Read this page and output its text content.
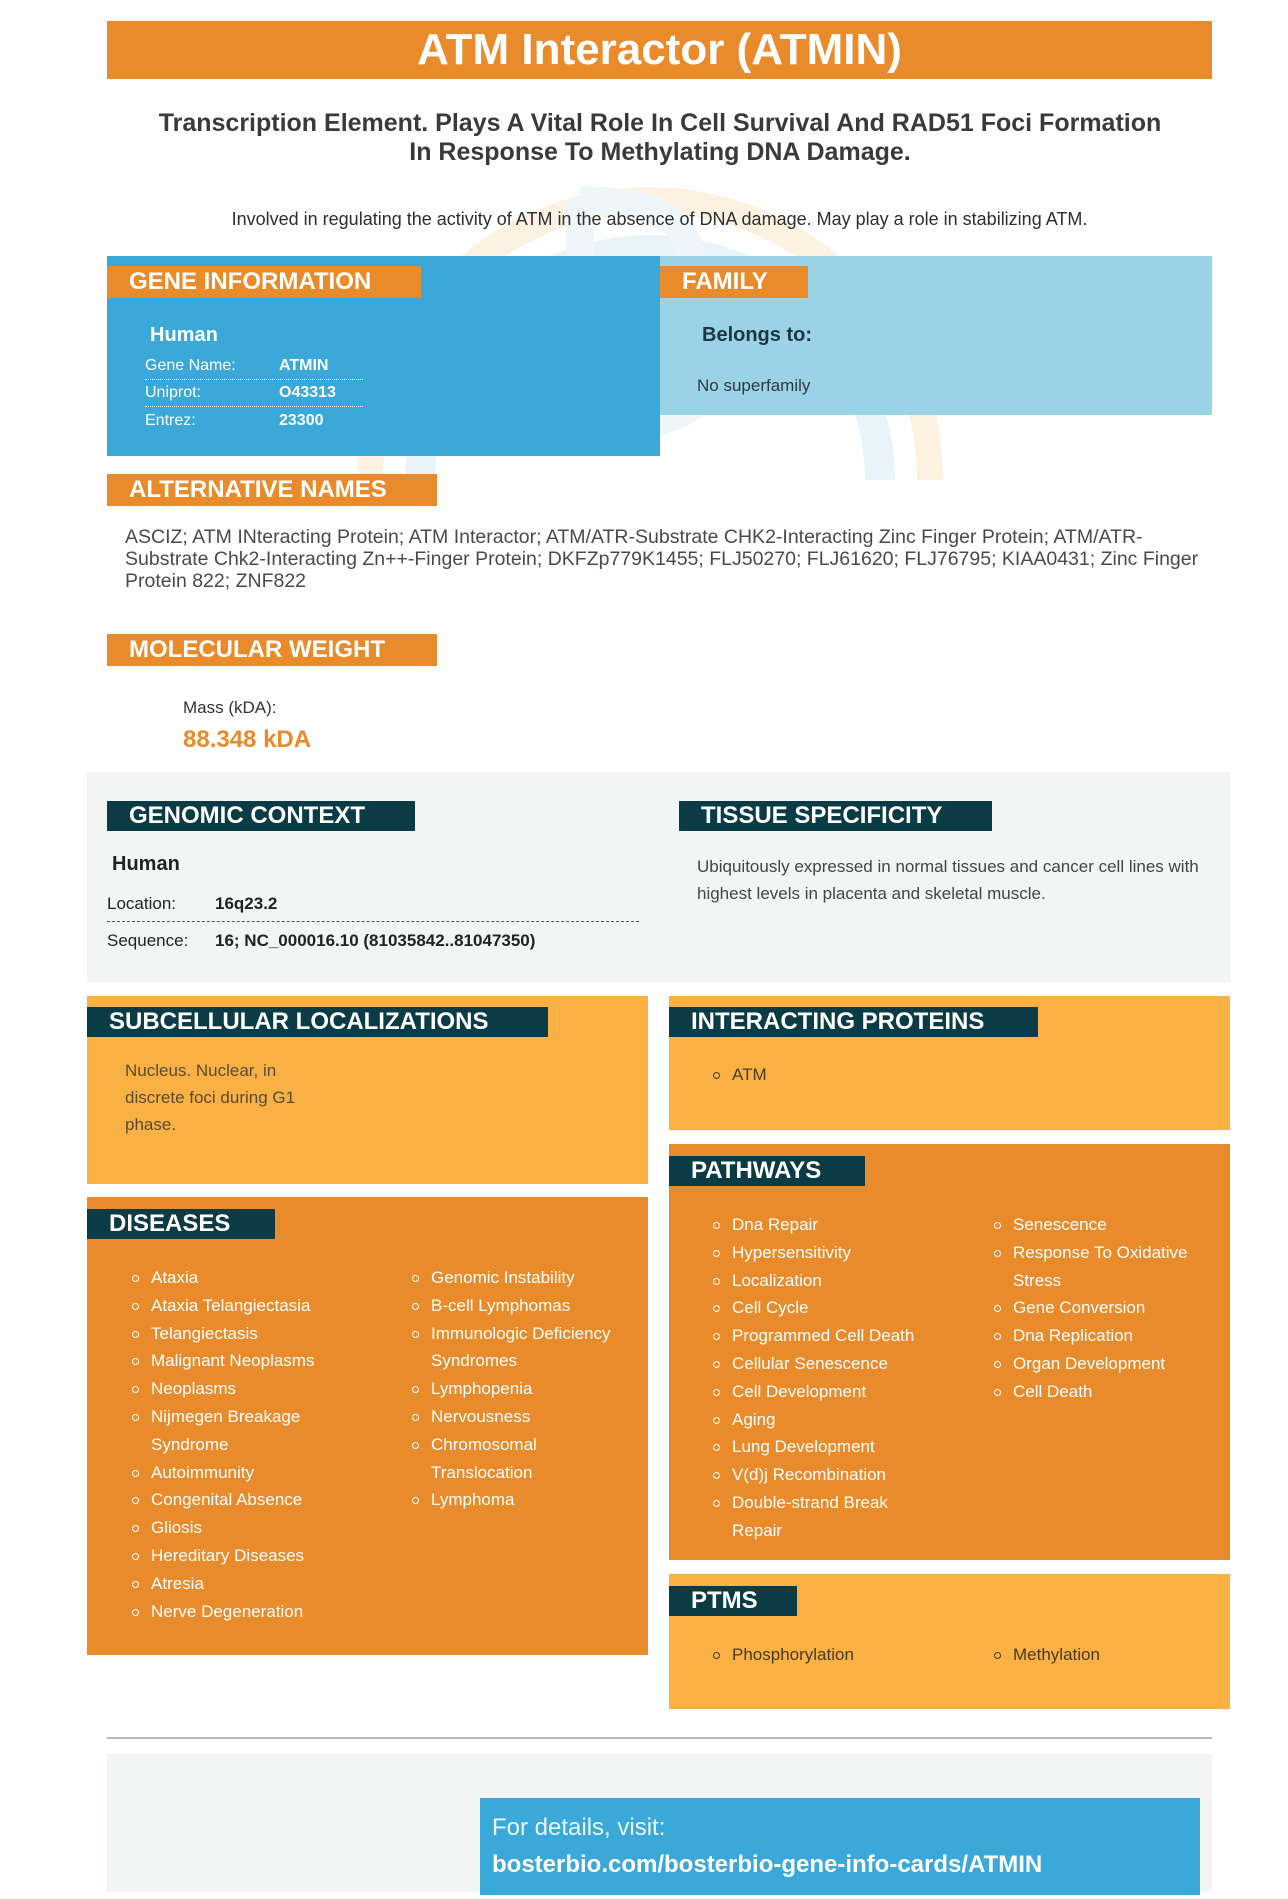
ATM Interactor (ATMIN)
Transcription Element. Plays A Vital Role In Cell Survival And RAD51 Foci Formation In Response To Methylating DNA Damage.
Involved in regulating the activity of ATM in the absence of DNA damage. May play a role in stabilizing ATM.
GENE INFORMATION
Human
Gene Name:	ATMIN
Uniprot:	O43313
Entrez:	23300
FAMILY
Belongs to:
No superfamily
ALTERNATIVE NAMES
ASCIZ; ATM INteracting Protein; ATM Interactor; ATM/ATR-Substrate CHK2-Interacting Zinc Finger Protein; ATM/ATR-Substrate Chk2-Interacting Zn++-Finger Protein; DKFZp779K1455; FLJ50270; FLJ61620; FLJ76795; KIAA0431; Zinc Finger Protein 822; ZNF822
MOLECULAR WEIGHT
Mass (kDA):
88.348 kDA
GENOMIC CONTEXT
Human
Location:	16q23.2
Sequence:	16; NC_000016.10 (81035842..81047350)
TISSUE SPECIFICITY
Ubiquitously expressed in normal tissues and cancer cell lines with highest levels in placenta and skeletal muscle.
SUBCELLULAR LOCALIZATIONS
Nucleus. Nuclear, in discrete foci during G1 phase.
INTERACTING PROTEINS
ATM
DISEASES
Ataxia
Ataxia Telangiectasia
Telangiectasis
Malignant Neoplasms
Neoplasms
Nijmegen Breakage Syndrome
Autoimmunity
Congenital Absence
Gliosis
Hereditary Diseases
Atresia
Nerve Degeneration
Genomic Instability
B-cell Lymphomas
Immunologic Deficiency Syndromes
Lymphopenia
Nervousness
Chromosomal Translocation
Lymphoma
PATHWAYS
Dna Repair
Hypersensitivity
Localization
Cell Cycle
Programmed Cell Death
Cellular Senescence
Cell Development
Aging
Lung Development
V(d)j Recombination
Double-strand Break Repair
Senescence
Response To Oxidative Stress
Gene Conversion
Dna Replication
Organ Development
Cell Death
PTMS
Phosphorylation	Methylation
For details, visit:
bosterbio.com/bosterbio-gene-info-cards/ATMIN
